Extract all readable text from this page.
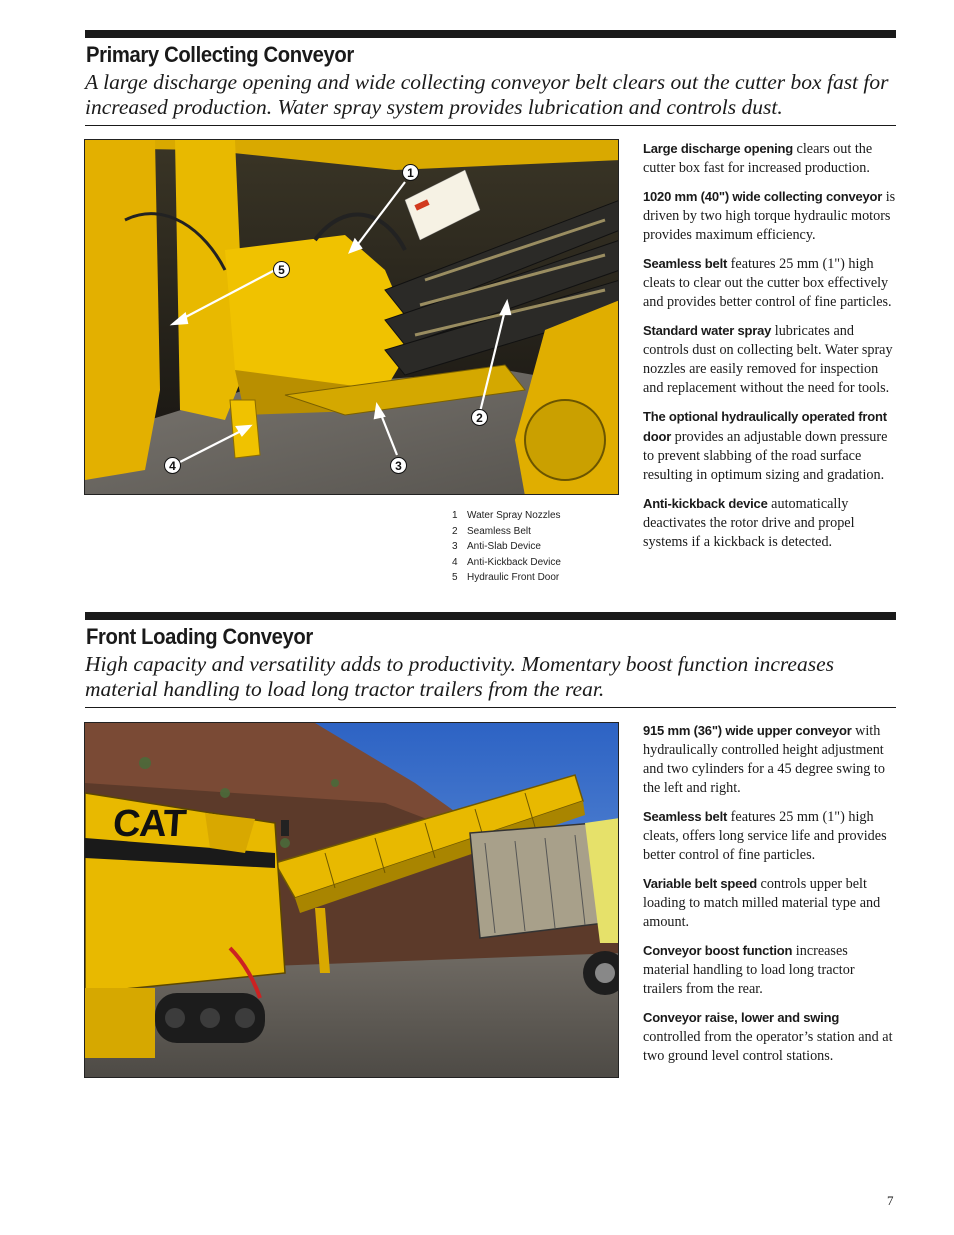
Primary Collecting Conveyor
A large discharge opening and wide collecting conveyor belt clears out the cutter box fast for increased production. Water spray system provides lubrication and controls dust.
1
2
3
4
5
1 Water Spray Nozzles
2 Seamless Belt
3 Anti-Slab Device
4 Anti-Kickback Device
5 Hydraulic Front Door

Large discharge opening clears out the cutter box fast for increased production.

1020 mm (40") wide collecting conveyor is driven by two high torque hydraulic motors provides maximum efficiency.

Seamless belt features 25 mm (1") high cleats to clear out the cutter box effectively and provides better control of fine particles.

Standard water spray lubricates and controls dust on collecting belt. Water spray nozzles are easily removed for inspection and replacement without the need for tools.

The optional hydraulically operated front door provides an adjustable down pressure to prevent slabbing of the road surface resulting in optimum sizing and gradation.

Anti-kickback device automatically deactivates the rotor drive and propel systems if a kickback is detected.

Front Loading Conveyor
High capacity and versatility adds to productivity. Momentary boost function increases material handling to load long tractor trailers from the rear.
CAT

915 mm (36") wide upper conveyor with hydraulically controlled height adjustment and two cylinders for a 45 degree swing to the left and right.

Seamless belt features 25 mm (1") high cleats, offers long service life and provides better control of fine particles.

Variable belt speed controls upper belt loading to match milled material type and amount.

Conveyor boost function increases material handling to load long tractor trailers from the rear.

Conveyor raise, lower and swing controlled from the operator’s station and at two ground level control stations.

7
